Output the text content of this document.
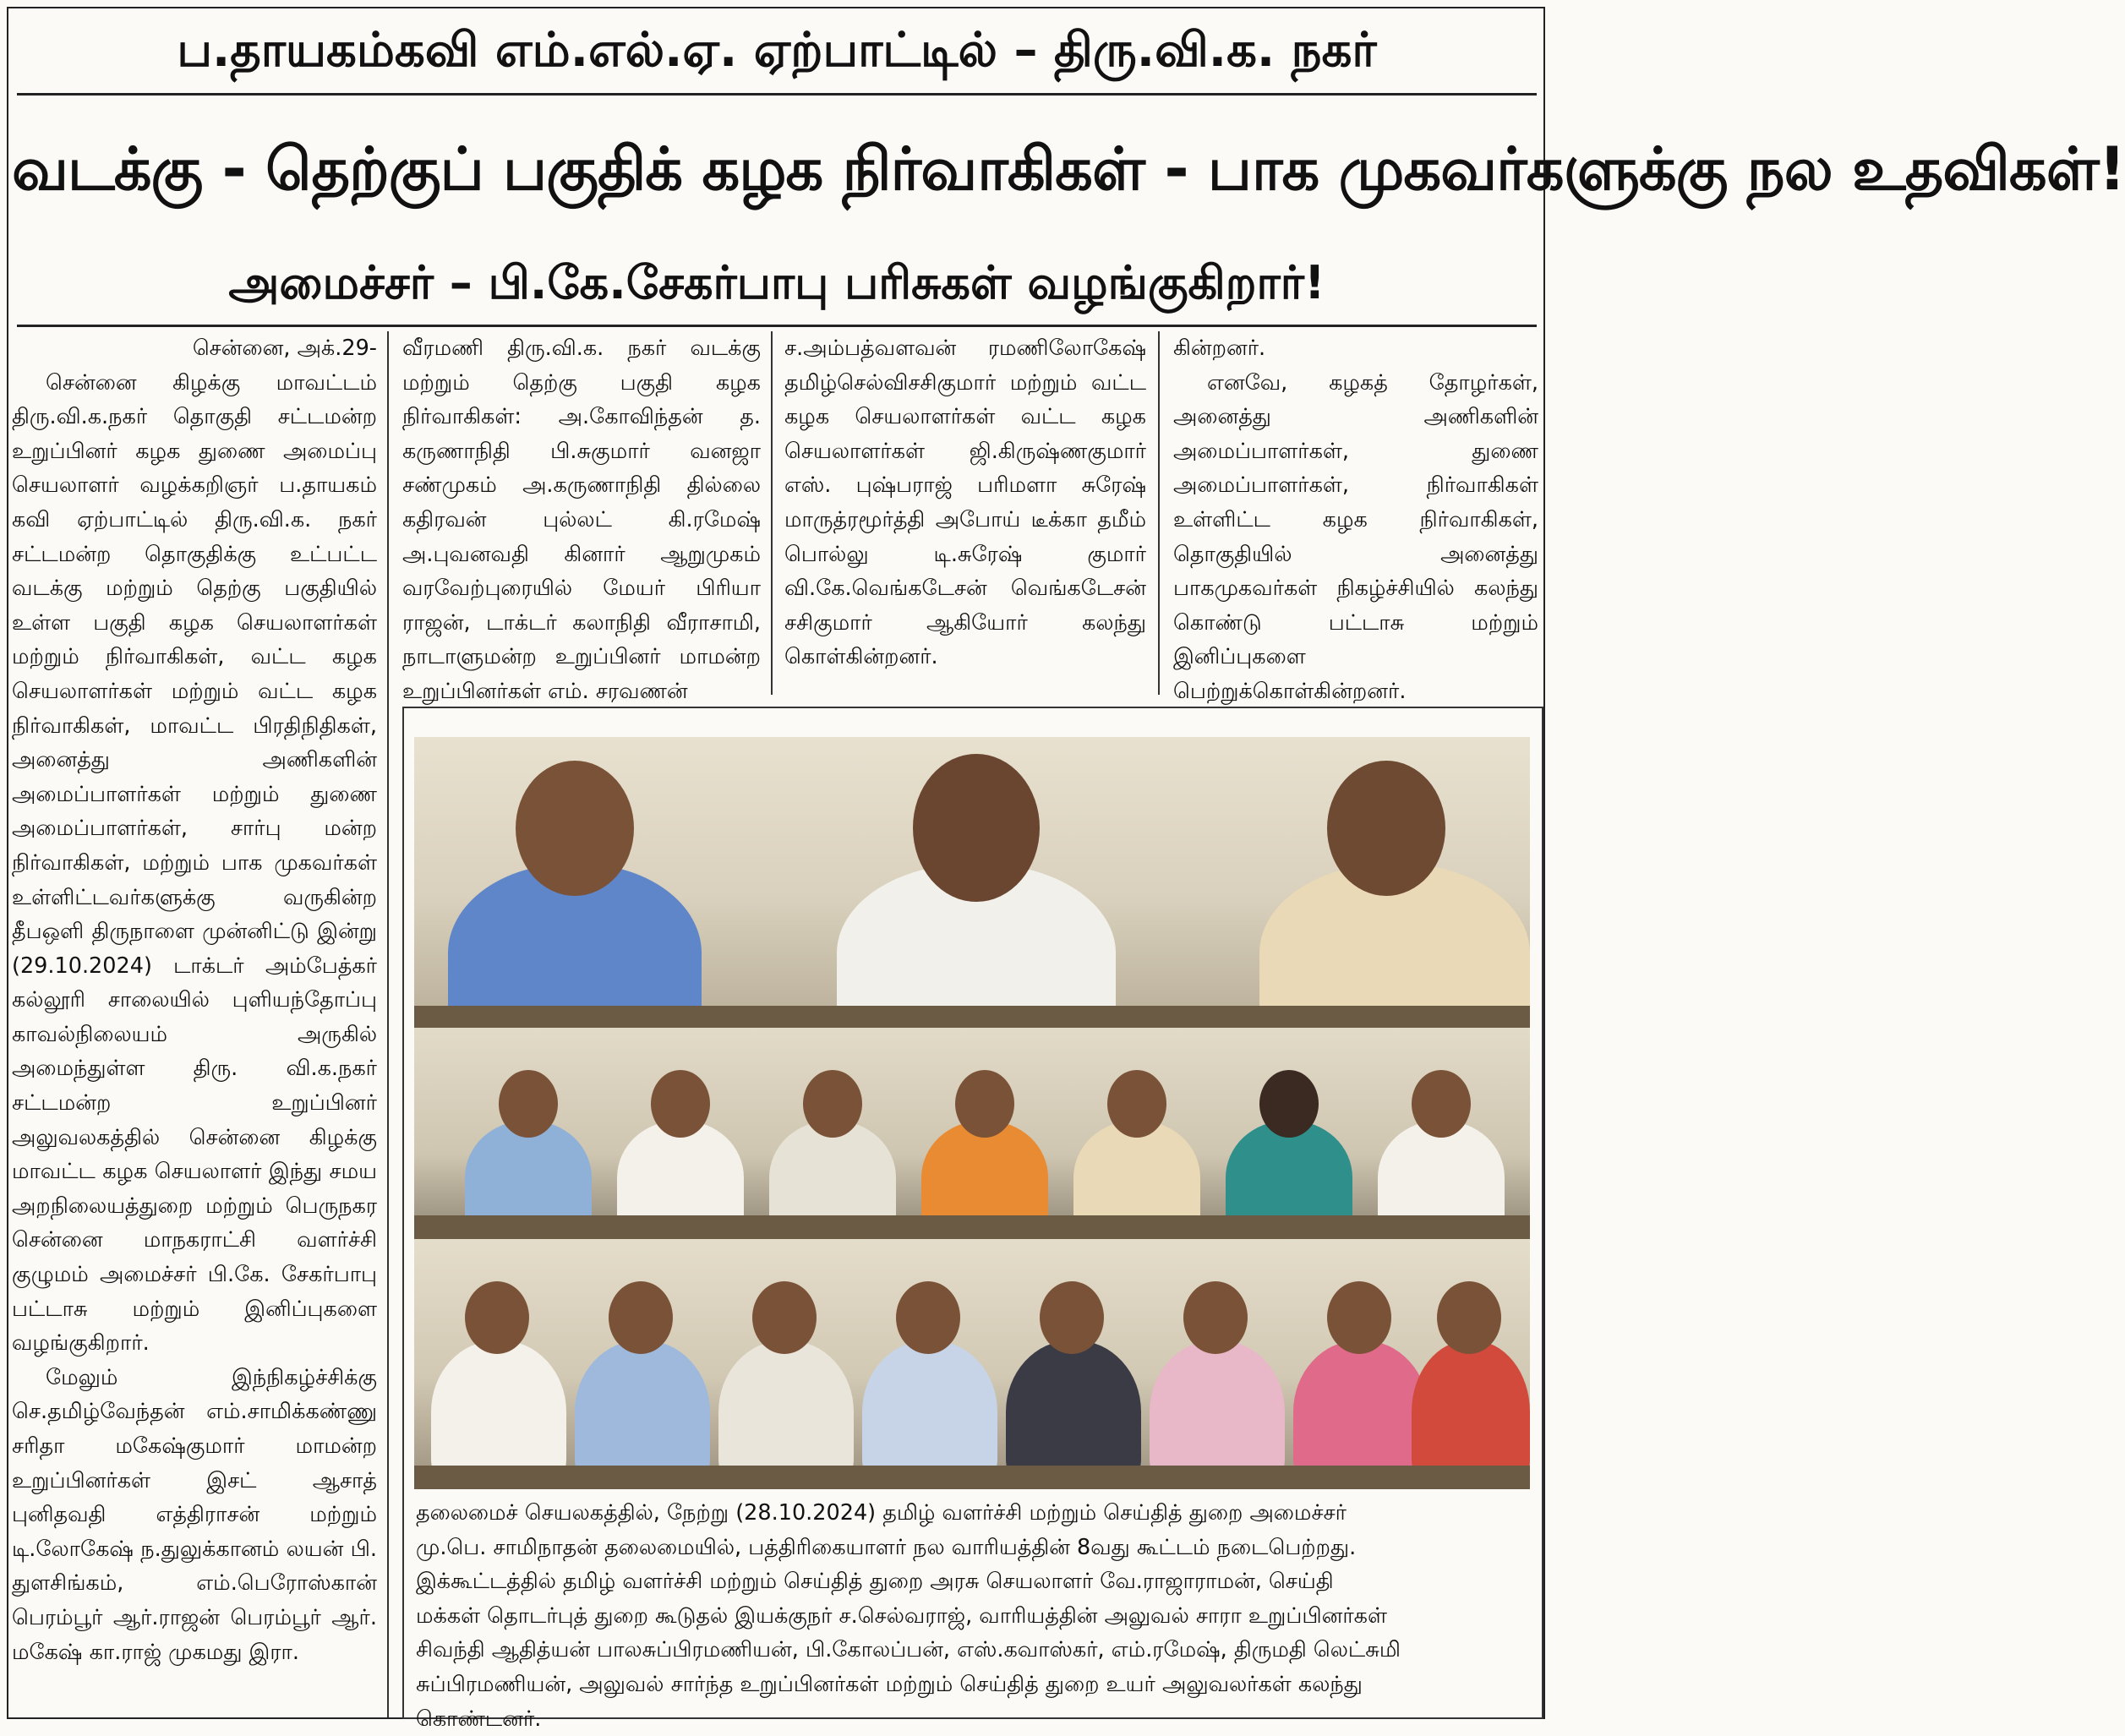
ப.தாயகம்கவி எம்.எல்.ஏ. ஏற்பாட்டில் – திரு.வி.க. நகர்
வடக்கு - தெற்குப் பகுதிக் கழக நிர்வாகிகள் - பாக முகவர்களுக்கு நல உதவிகள்!
அமைச்சர் – பி.கே.சேகர்பாபு பரிசுகள் வழங்குகிறார்!

சென்னை, அக்.29-

சென்னை கிழக்கு மாவட்டம் திரு.வி.க.நகர் தொகுதி சட்டமன்ற உறுப்பினர் கழக துணை அமைப்பு செயலாளர் வழக்கறிஞர் ப.தாயகம் கவி ஏற்பாட்டில் திரு.வி.க. நகர் சட்டமன்ற தொகுதிக்கு உட்பட்ட வடக்கு மற்றும் தெற்கு பகுதியில் உள்ள பகுதி கழக செயலாளர்கள் மற்றும் நிர்வாகிகள், வட்ட கழக செயலாளர்கள் மற்றும் வட்ட கழக நிர்வாகிகள், மாவட்ட பிரதிநிதிகள், அனைத்து அணிகளின் அமைப்பாளர்கள் மற்றும் துணை அமைப்பாளர்கள், சார்பு மன்ற நிர்வாகிகள், மற்றும் பாக முகவர்கள் உள்ளிட்டவர்களுக்கு வருகின்ற தீபஒளி திருநாளை முன்னிட்டு இன்று (29.10.2024) டாக்டர் அம்பேத்கர் கல்லூரி சாலையில் புளியந்தோப்பு காவல்நிலையம் அருகில் அமைந்துள்ள திரு. வி.க.நகர் சட்டமன்ற உறுப்பினர் அலுவலகத்தில் சென்னை கிழக்கு மாவட்ட கழக செயலாளர் இந்து சமய அறநிலையத்துறை மற்றும் பெருநகர சென்னை மாநகராட்சி வளர்ச்சி குழுமம் அமைச்சர் பி.கே. சேகர்பாபு பட்டாசு மற்றும் இனிப்புகளை வழங்குகிறார்.

மேலும் இந்நிகழ்ச்சிக்கு செ.தமிழ்வேந்தன் எம்.சாமிக்கண்ணு சரிதா மகேஷ்குமார் மாமன்ற உறுப்பினர்கள் இசட் ஆசாத் புனிதவதி எத்திராசன் மற்றும் டி.லோகேஷ் ந.துலுக்கானம் லயன் பி. துளசிங்கம், எம்.பெரோஸ்கான் பெரம்பூர் ஆர்.ராஜன் பெரம்பூர் ஆர். மகேஷ் கா.ராஜ் முகமது இரா.

வீரமணி திரு.வி.க. நகர் வடக்கு மற்றும் தெற்கு பகுதி கழக நிர்வாகிகள்: அ.கோவிந்தன் த. கருணாநிதி பி.சுகுமார் வனஜா சண்முகம் அ.கருணாநிதி தில்லை கதிரவன் புல்லட் கி.ரமேஷ் அ.புவனவதி கினார் ஆறுமுகம் வரவேற்புரையில் மேயர் பிரியா ராஜன், டாக்டர் கலாநிதி வீராசாமி, நாடாளுமன்ற உறுப்பினர் மாமன்ற உறுப்பினர்கள் எம். சரவணன்

ச.அம்பத்வளவன் ரமணிலோகேஷ் தமிழ்செல்விசசிகுமார் மற்றும் வட்ட கழக செயலாளர்கள் வட்ட கழக செயலாளர்கள் ஜி.கிருஷ்ணகுமார் எஸ். புஷ்பராஜ் பரிமளா சுரேஷ் மாருத்ரமூர்த்தி அபோய் டீக்கா தமீம் பொல்லு டி.சுரேஷ் குமார் வி.கே.வெங்கடேசன் வெங்கடேசன் சசிகுமார் ஆகியோர் கலந்து கொள்கின்றனர்.

கின்றனர்.

எனவே, கழகத் தோழர்கள், அனைத்து அணிகளின் அமைப்பாளர்கள், துணை அமைப்பாளர்கள், நிர்வாகிகள் உள்ளிட்ட கழக நிர்வாகிகள், தொகுதியில் அனைத்து பாகமுகவர்கள் நிகழ்ச்சியில் கலந்து கொண்டு பட்டாசு மற்றும் இனிப்புகளை பெற்றுக்கொள்கின்றனர்.

தலைமைச் செயலகத்தில், நேற்று (28.10.2024) தமிழ் வளர்ச்சி மற்றும் செய்தித் துறை அமைச்சர்
மு.பெ. சாமிநாதன் தலைமையில், பத்திரிகையாளர் நல வாரியத்தின் 8வது கூட்டம் நடைபெற்றது.
இக்கூட்டத்தில் தமிழ் வளர்ச்சி மற்றும் செய்தித் துறை அரசு செயலாளர் வே.ராஜாராமன், செய்தி
மக்கள் தொடர்புத் துறை கூடுதல் இயக்குநர் ச.செல்வராஜ், வாரியத்தின் அலுவல் சாரா உறுப்பினர்கள்
சிவந்தி ஆதித்யன் பாலசுப்பிரமணியன், பி.கோலப்பன், எஸ்.கவாஸ்கர், எம்.ரமேஷ், திருமதி லெட்சுமி
சுப்பிரமணியன், அலுவல் சார்ந்த உறுப்பினர்கள் மற்றும் செய்தித் துறை உயர் அலுவலர்கள் கலந்து
கொண்டனர்.
